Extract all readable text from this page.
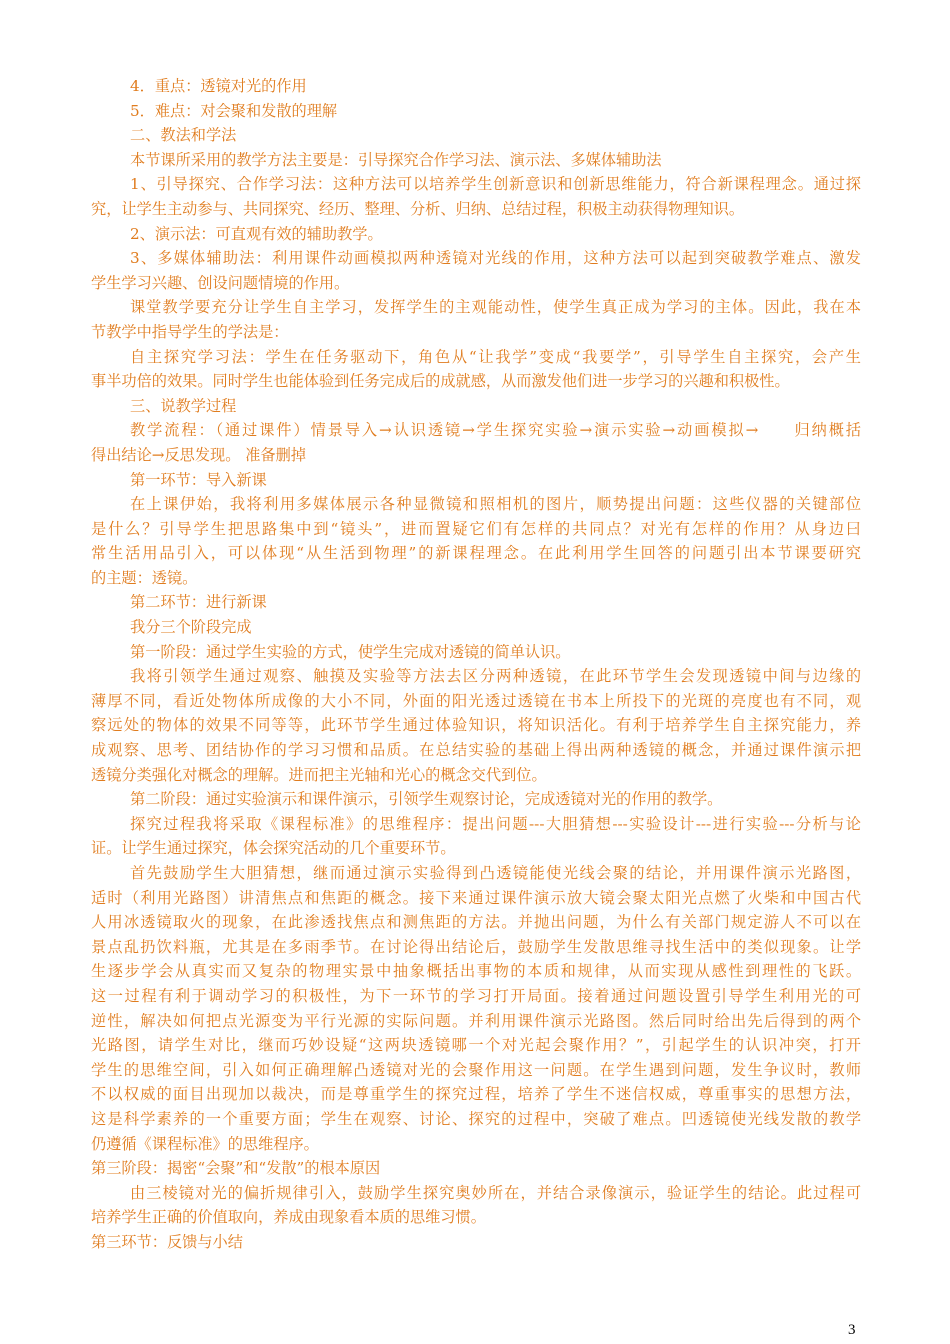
4．重点：透镜对光的作用
5．难点：对会聚和发散的理解
二、教法和学法
本节课所采用的教学方法主要是：引导探究合作学习法、演示法、多媒体辅助法
1、引导探究、合作学习法：这种方法可以培养学生创新意识和创新思维能力，符合新课程理念。通过探
究，让学生主动参与、共同探究、经历、整理、分析、归纳、总结过程，积极主动获得物理知识。
2、演示法：可直观有效的辅助教学。
3、多媒体辅助法：利用课件动画模拟两种透镜对光线的作用，这种方法可以起到突破教学难点、激发
学生学习兴趣、创设问题情境的作用。
课堂教学要充分让学生自主学习，发挥学生的主观能动性，使学生真正成为学习的主体。因此，我在本
节教学中指导学生的学法是：
自主探究学习法：学生在任务驱动下，角色从“让我学”变成“我要学”，引导学生自主探究，会产生
事半功倍的效果。同时学生也能体验到任务完成后的成就感，从而激发他们进一步学习的兴趣和积极性。
三、说教学过程
教学流程：（通过课件）情景导入→认识透镜→学生探究实验→演示实验→动画模拟→　　归纳概括
得出结论→反思发现。 准备删掉
第一环节：导入新课
在上课伊始，我将利用多媒体展示各种显微镜和照相机的图片，顺势提出问题：这些仪器的关键部位
是什么？引导学生把思路集中到“镜头”，进而置疑它们有怎样的共同点？对光有怎样的作用？从身边曰
常生活用品引入，可以体现“从生活到物理”的新课程理念。在此利用学生回答的问题引出本节课要研究
的主题：透镜。
第二环节：进行新课
我分三个阶段完成
第一阶段：通过学生实验的方式，使学生完成对透镜的简单认识。
我将引领学生通过观察、触摸及实验等方法去区分两种透镜，在此环节学生会发现透镜中间与边缘的
薄厚不同，看近处物体所成像的大小不同，外面的阳光透过透镜在书本上所投下的光斑的亮度也有不同，观
察远处的物体的效果不同等等，此环节学生通过体验知识，将知识活化。有利于培养学生自主探究能力，养
成观察、思考、团结协作的学习习惯和品质。在总结实验的基础上得出两种透镜的概念，并通过课件演示把
透镜分类强化对概念的理解。进而把主光轴和光心的概念交代到位。
第二阶段：通过实验演示和课件演示，引领学生观察讨论，完成透镜对光的作用的教学。
探究过程我将采取《课程标准》的思维程序：提出问题---大胆猜想---实验设计---进行实验---分析与论
证。让学生通过探究，体会探究活动的几个重要环节。
首先鼓励学生大胆猜想，继而通过演示实验得到凸透镜能使光线会聚的结论，并用课件演示光路图，
适时（利用光路图）讲清焦点和焦距的概念。接下来通过课件演示放大镜会聚太阳光点燃了火柴和中国古代
人用冰透镜取火的现象，在此渗透找焦点和测焦距的方法。并抛出问题，为什么有关部门规定游人不可以在
景点乱扔饮料瓶，尤其是在多雨季节。在讨论得出结论后，鼓励学生发散思维寻找生活中的类似现象。让学
生逐步学会从真实而又复杂的物理实景中抽象概括出事物的本质和规律，从而实现从感性到理性的飞跃。
这一过程有利于调动学习的积极性，为下一环节的学习打开局面。接着通过问题设置引导学生利用光的可
逆性，解决如何把点光源变为平行光源的实际问题。并利用课件演示光路图。然后同时给出先后得到的两个
光路图，请学生对比，继而巧妙设疑“这两块透镜哪一个对光起会聚作用？”，引起学生的认识冲突，打开
学生的思维空间，引入如何正确理解凸透镜对光的会聚作用这一问题。在学生遇到问题，发生争议时，教师
不以权威的面目出现加以裁决，而是尊重学生的探究过程，培养了学生不迷信权威，尊重事实的思想方法，
这是科学素养的一个重要方面；学生在观察、讨论、探究的过程中，突破了难点。凹透镜使光线发散的教学
仍遵循《课程标准》的思维程序。
第三阶段：揭密“会聚”和“发散”的根本原因
由三棱镜对光的偏折规律引入，鼓励学生探究奥妙所在，并结合录像演示，验证学生的结论。此过程可
培养学生正确的价值取向，养成由现象看本质的思维习惯。
第三环节：反馈与小结
3
